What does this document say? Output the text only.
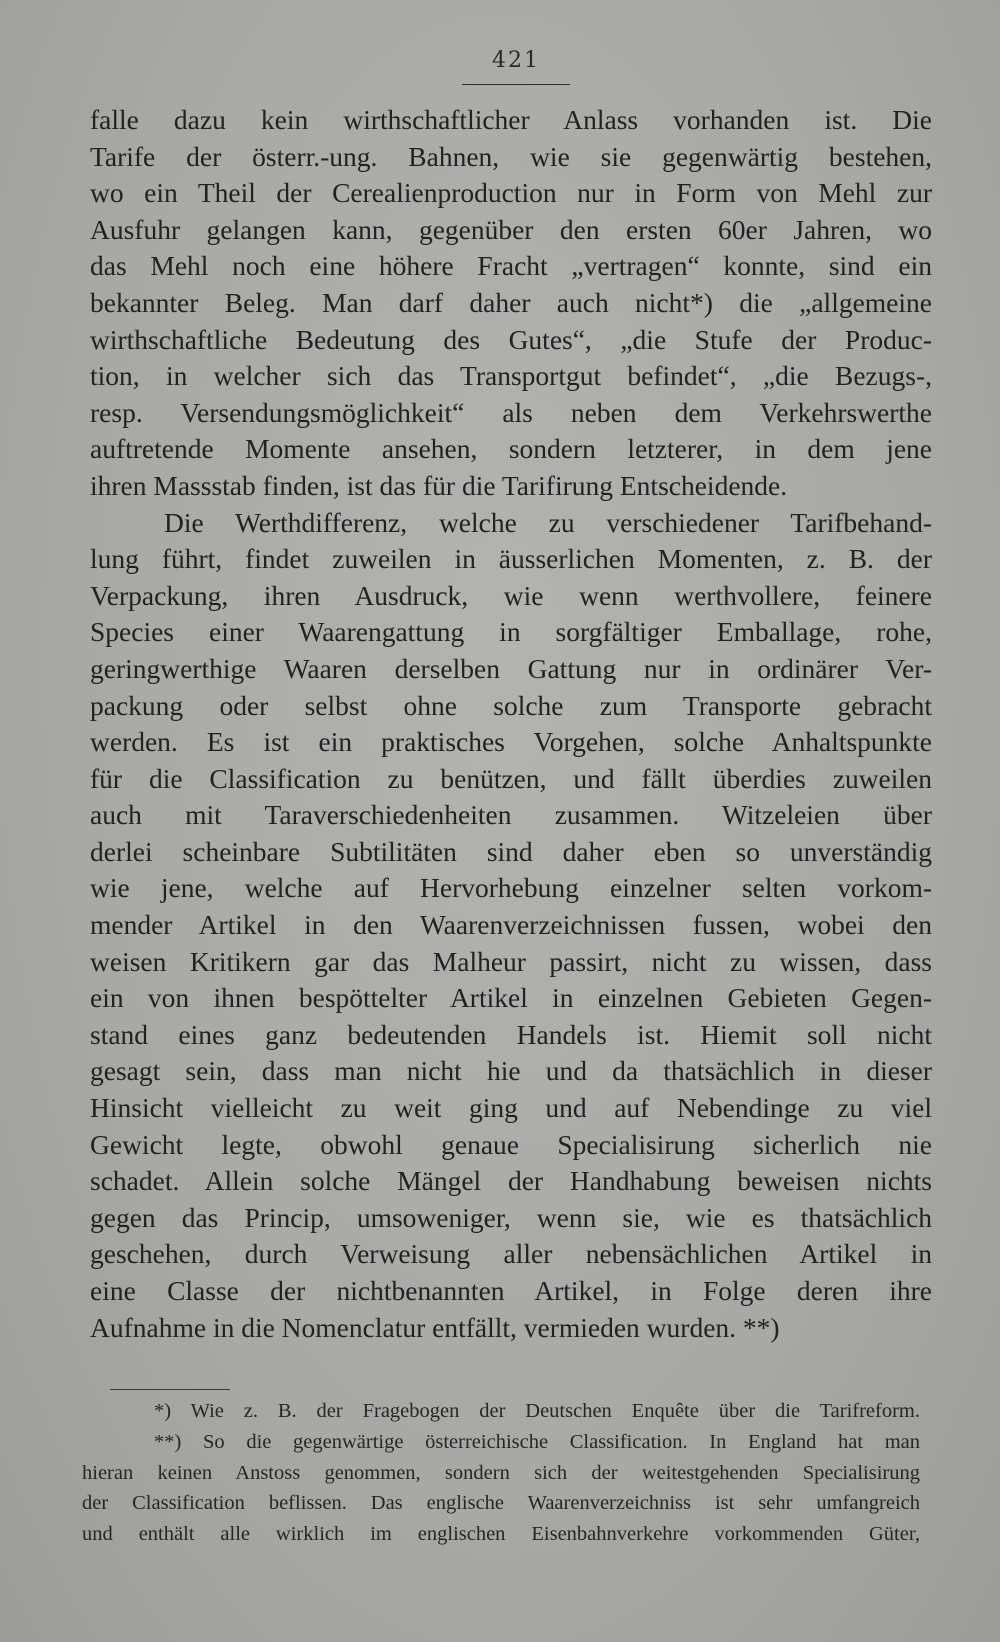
421
falle dazu kein wirthschaftlicher Anlass vorhanden ist. Die
Tarife der österr.-ung. Bahnen, wie sie gegenwärtig bestehen,
wo ein Theil der Cerealienproduction nur in Form von Mehl zur
Ausfuhr gelangen kann, gegenüber den ersten 60er Jahren, wo
das Mehl noch eine höhere Fracht „vertragen“ konnte, sind ein
bekannter Beleg. Man darf daher auch nicht*) die „allgemeine
wirthschaftliche Bedeutung des Gutes“, „die Stufe der Produc-
tion, in welcher sich das Transportgut befindet“, „die Bezugs-,
resp. Versendungsmöglichkeit“ als neben dem Verkehrswerthe
auftretende Momente ansehen, sondern letzterer, in dem jene
ihren Massstab finden, ist das für die Tarifirung Entscheidende.
Die Werthdifferenz, welche zu verschiedener Tarifbehand-
lung führt, findet zuweilen in äusserlichen Momenten, z. B. der
Verpackung, ihren Ausdruck, wie wenn werthvollere, feinere
Species einer Waarengattung in sorgfältiger Emballage, rohe,
geringwerthige Waaren derselben Gattung nur in ordinärer Ver-
packung oder selbst ohne solche zum Transporte gebracht
werden. Es ist ein praktisches Vorgehen, solche Anhaltspunkte
für die Classification zu benützen, und fällt überdies zuweilen
auch mit Taraverschiedenheiten zusammen. Witzeleien über
derlei scheinbare Subtilitäten sind daher eben so unverständig
wie jene, welche auf Hervorhebung einzelner selten vorkom-
mender Artikel in den Waarenverzeichnissen fussen, wobei den
weisen Kritikern gar das Malheur passirt, nicht zu wissen, dass
ein von ihnen bespöttelter Artikel in einzelnen Gebieten Gegen-
stand eines ganz bedeutenden Handels ist. Hiemit soll nicht
gesagt sein, dass man nicht hie und da thatsächlich in dieser
Hinsicht vielleicht zu weit ging und auf Nebendinge zu viel
Gewicht legte, obwohl genaue Specialisirung sicherlich nie
schadet. Allein solche Mängel der Handhabung beweisen nichts
gegen das Princip, umsoweniger, wenn sie, wie es thatsächlich
geschehen, durch Verweisung aller nebensächlichen Artikel in
eine Classe der nichtbenannten Artikel, in Folge deren ihre
Aufnahme in die Nomenclatur entfällt, vermieden wurden. **)
*) Wie z. B. der Fragebogen der Deutschen Enquête über die Tarifreform.
**) So die gegenwärtige österreichische Classification. In England hat man
hieran keinen Anstoss genommen, sondern sich der weitestgehenden Specialisirung
der Classification beflissen. Das englische Waarenverzeichniss ist sehr umfangreich
und enthält alle wirklich im englischen Eisenbahnverkehre vorkommenden Güter,
